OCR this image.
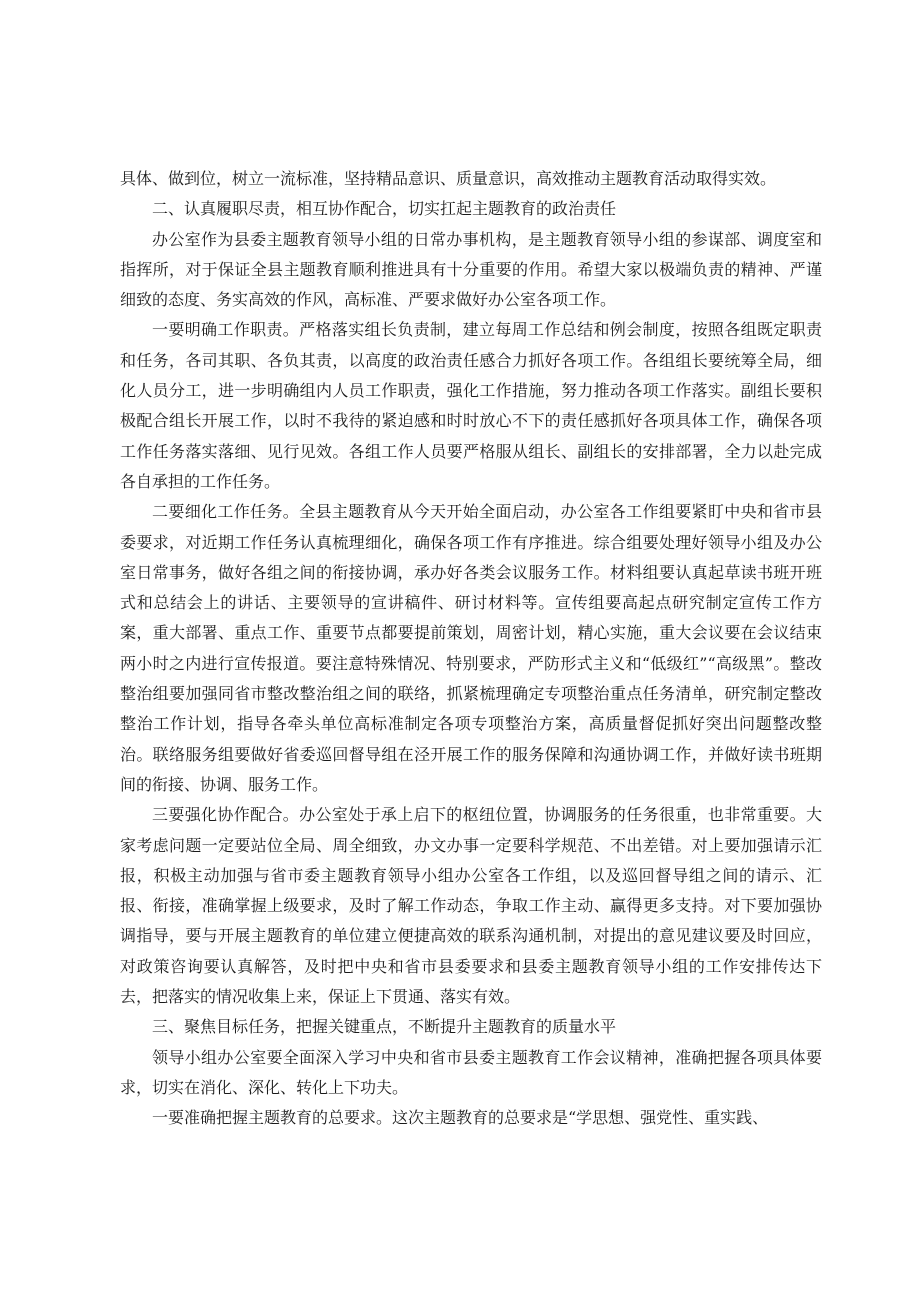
具体、做到位，树立一流标准，坚持精品意识、质量意识，高效推动主题教育活动取得实效。

二、认真履职尽责，相互协作配合，切实扛起主题教育的政治责任

办公室作为县委主题教育领导小组的日常办事机构，是主题教育领导小组的参谋部、调度室和指挥所，对于保证全县主题教育顺利推进具有十分重要的作用。希望大家以极端负责的精神、严谨细致的态度、务实高效的作风，高标准、严要求做好办公室各项工作。

一要明确工作职责。严格落实组长负责制，建立每周工作总结和例会制度，按照各组既定职责和任务，各司其职、各负其责，以高度的政治责任感合力抓好各项工作。各组组长要统筹全局，细化人员分工，进一步明确组内人员工作职责，强化工作措施，努力推动各项工作落实。副组长要积极配合组长开展工作，以时不我待的紧迫感和时时放心不下的责任感抓好各项具体工作，确保各项工作任务落实落细、见行见效。各组工作人员要严格服从组长、副组长的安排部署，全力以赴完成各自承担的工作任务。

二要细化工作任务。全县主题教育从今天开始全面启动，办公室各工作组要紧盯中央和省市县委要求，对近期工作任务认真梳理细化，确保各项工作有序推进。综合组要处理好领导小组及办公室日常事务，做好各组之间的衔接协调，承办好各类会议服务工作。材料组要认真起草读书班开班式和总结会上的讲话、主要领导的宣讲稿件、研讨材料等。宣传组要高起点研究制定宣传工作方案，重大部署、重点工作、重要节点都要提前策划，周密计划，精心实施，重大会议要在会议结束两小时之内进行宣传报道。要注意特殊情况、特别要求，严防形式主义和“低级红”“高级黑”。整改整治组要加强同省市整改整治组之间的联络，抓紧梳理确定专项整治重点任务清单，研究制定整改整治工作计划，指导各牵头单位高标准制定各项专项整治方案，高质量督促抓好突出问题整改整治。联络服务组要做好省委巡回督导组在泾开展工作的服务保障和沟通协调工作，并做好读书班期间的衔接、协调、服务工作。

三要强化协作配合。办公室处于承上启下的枢纽位置，协调服务的任务很重，也非常重要。大家考虑问题一定要站位全局、周全细致，办文办事一定要科学规范、不出差错。对上要加强请示汇报，积极主动加强与省市委主题教育领导小组办公室各工作组，以及巡回督导组之间的请示、汇报、衔接，准确掌握上级要求，及时了解工作动态，争取工作主动、赢得更多支持。对下要加强协调指导，要与开展主题教育的单位建立便捷高效的联系沟通机制，对提出的意见建议要及时回应，对政策咨询要认真解答，及时把中央和省市县委要求和县委主题教育领导小组的工作安排传达下去，把落实的情况收集上来，保证上下贯通、落实有效。

三、聚焦目标任务，把握关键重点，不断提升主题教育的质量水平

领导小组办公室要全面深入学习中央和省市县委主题教育工作会议精神，准确把握各项具体要求，切实在消化、深化、转化上下功夫。

一要准确把握主题教育的总要求。这次主题教育的总要求是“学思想、强党性、重实践、
